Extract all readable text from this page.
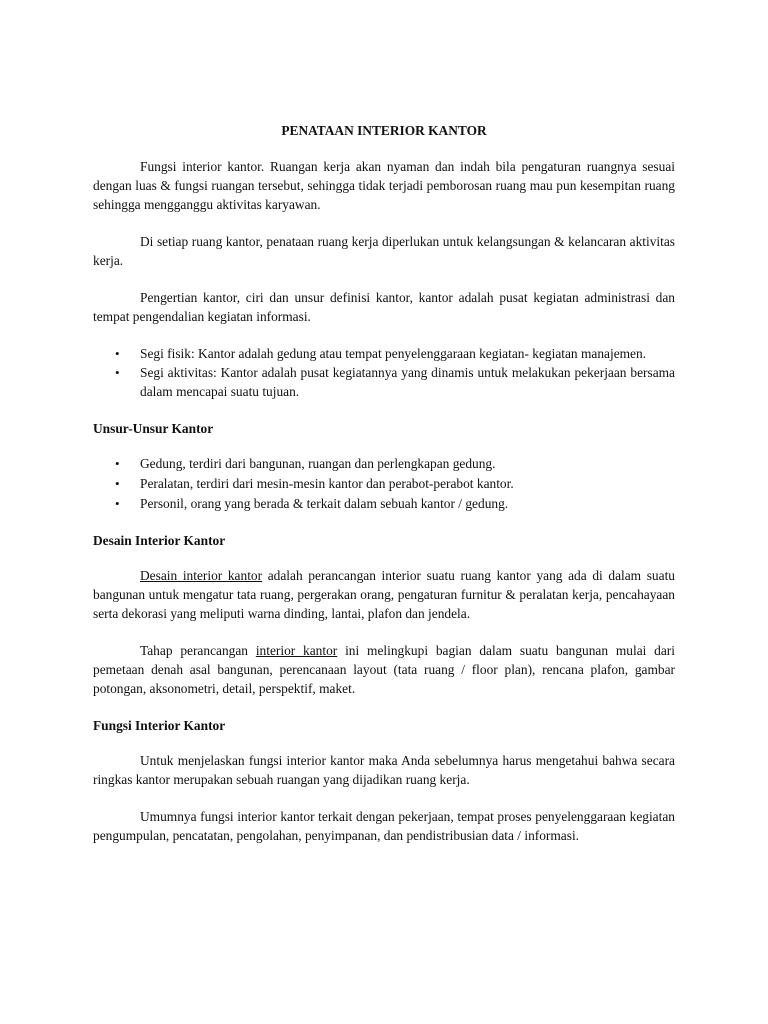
PENATAAN INTERIOR KANTOR

Fungsi interior kantor. Ruangan kerja akan nyaman dan indah bila pengaturan ruangnya sesuai dengan luas & fungsi ruangan tersebut, sehingga tidak terjadi pemborosan ruang mau pun kesempitan ruang sehingga mengganggu aktivitas karyawan.

Di setiap ruang kantor, penataan ruang kerja diperlukan untuk kelangsungan & kelancaran aktivitas kerja.

Pengertian kantor, ciri dan unsur definisi kantor, kantor adalah pusat kegiatan administrasi dan tempat pengendalian kegiatan informasi.

• Segi fisik: Kantor adalah gedung atau tempat penyelenggaraan kegiatan- kegiatan manajemen.
• Segi aktivitas: Kantor adalah pusat kegiatannya yang dinamis untuk melakukan pekerjaan bersama dalam mencapai suatu tujuan.
Unsur-Unsur Kantor
• Gedung, terdiri dari bangunan, ruangan dan perlengkapan gedung.
• Peralatan, terdiri dari mesin-mesin kantor dan perabot-perabot kantor.
• Personil, orang yang berada & terkait dalam sebuah kantor / gedung.
Desain Interior Kantor

Desain interior kantor adalah perancangan interior suatu ruang kantor yang ada di dalam suatu bangunan untuk mengatur tata ruang, pergerakan orang, pengaturan furnitur & peralatan kerja, pencahayaan serta dekorasi yang meliputi warna dinding, lantai, plafon dan jendela.

Tahap perancangan interior kantor ini melingkupi bagian dalam suatu bangunan mulai dari pemetaan denah asal bangunan, perencanaan layout (tata ruang / floor plan), rencana plafon, gambar potongan, aksonometri, detail, perspektif, maket.

Fungsi Interior Kantor

Untuk menjelaskan fungsi interior kantor maka Anda sebelumnya harus mengetahui bahwa secara ringkas kantor merupakan sebuah ruangan yang dijadikan ruang kerja.

Umumnya fungsi interior kantor terkait dengan pekerjaan, tempat proses penyelenggaraan kegiatan pengumpulan, pencatatan, pengolahan, penyimpanan, dan pendistribusian data / informasi.
